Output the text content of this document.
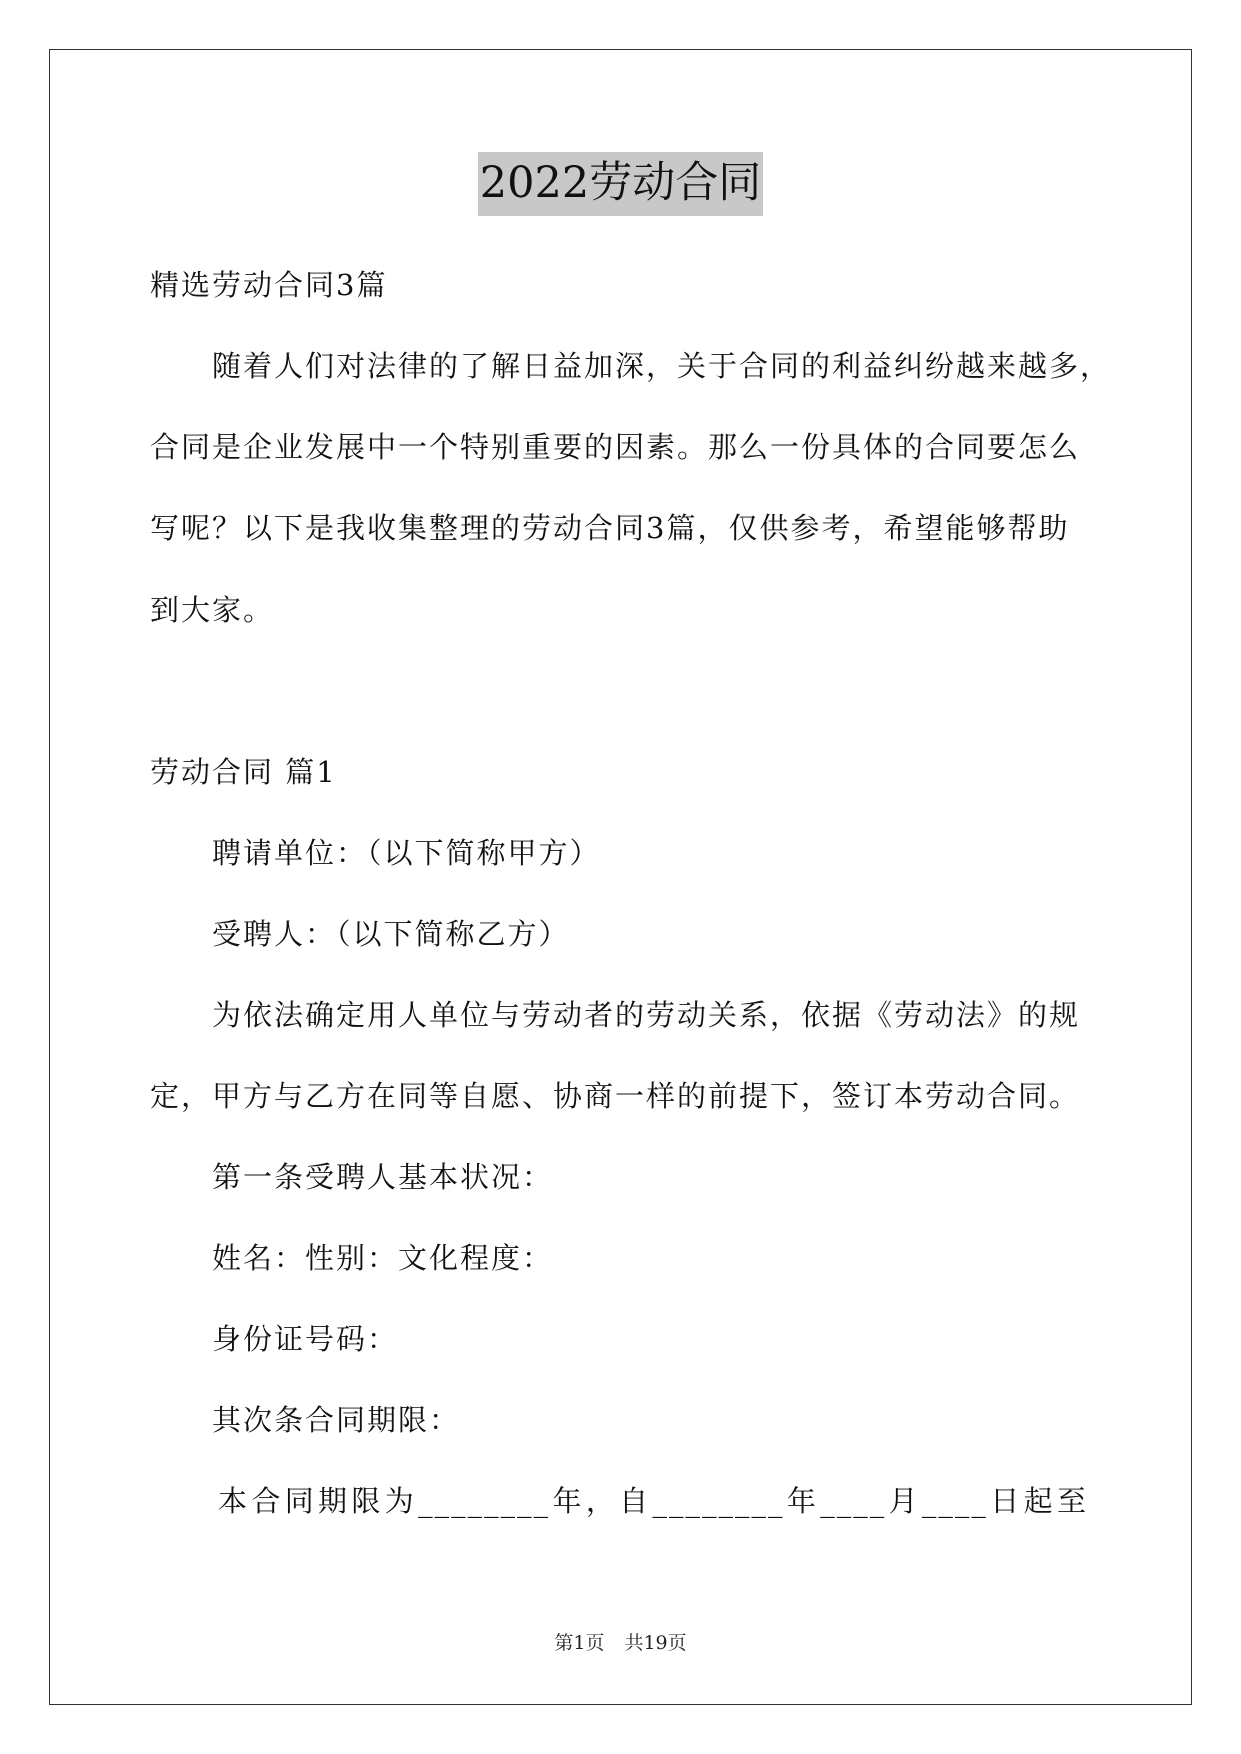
2022劳动合同
精选劳动合同3篇
随着人们对法律的了解日益加深，关于合同的利益纠纷越来越多，
合同是企业发展中一个特别重要的因素。那么一份具体的合同要怎么
写呢？以下是我收集整理的劳动合同3篇，仅供参考，希望能够帮助
到大家。
劳动合同 篇1
聘请单位：（以下简称甲方）
受聘人：（以下简称乙方）
为依法确定用人单位与劳动者的劳动关系，依据《劳动法》的规
定，甲方与乙方在同等自愿、协商一样的前提下，签订本劳动合同。
第一条受聘人基本状况：
姓名：性别：文化程度：
身份证号码：
其次条合同期限：
本合同期限为________年，自________年____月____日起至
第1页 共19页
